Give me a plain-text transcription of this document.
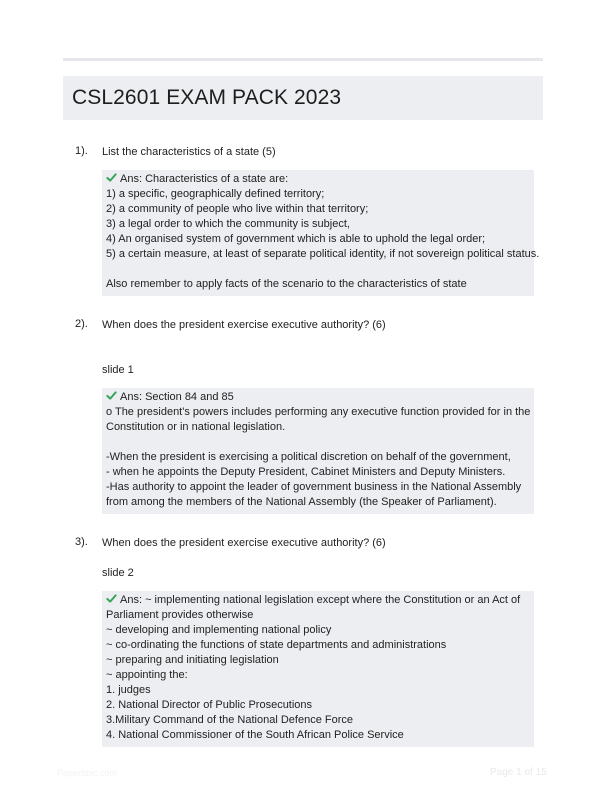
CSL2601 EXAM PACK 2023
1). List the characteristics of a state (5)
Ans: Characteristics of a state are:
1) a specific, geographically defined territory;
2) a community of people who live within that territory;
3) a legal order to which the community is subject,
4) An organised system of government which is able to uphold the legal order;
5) a certain measure, at least of separate political identity, if not sovereign political status.
Also remember to apply facts of the scenario to the characteristics of state
2). When does the president exercise executive authority? (6)
slide 1
Ans: Section 84 and 85
o The president's powers includes performing any executive function provided for in the
Constitution or in national legislation.
-When the president is exercising a political discretion on behalf of the government,
- when he appoints the Deputy President, Cabinet Ministers and Deputy Ministers.
-Has authority to appoint the leader of government business in the National Assembly
from among the members of the National Assembly (the Speaker of Parliament).
3). When does the president exercise executive authority? (6)
slide 2
Ans: ~ implementing national legislation except where the Constitution or an Act of
Parliament provides otherwise
~ developing and implementing national policy
~ co-ordinating the functions of state departments and administrations
~ preparing and initiating legislation
~ appointing the:
1. judges
2. National Director of Public Prosecutions
3.Military Command of the National Defence Force
4. National Commissioner of the South African Police Service
Paperbbic.com	Page 1 of 15
